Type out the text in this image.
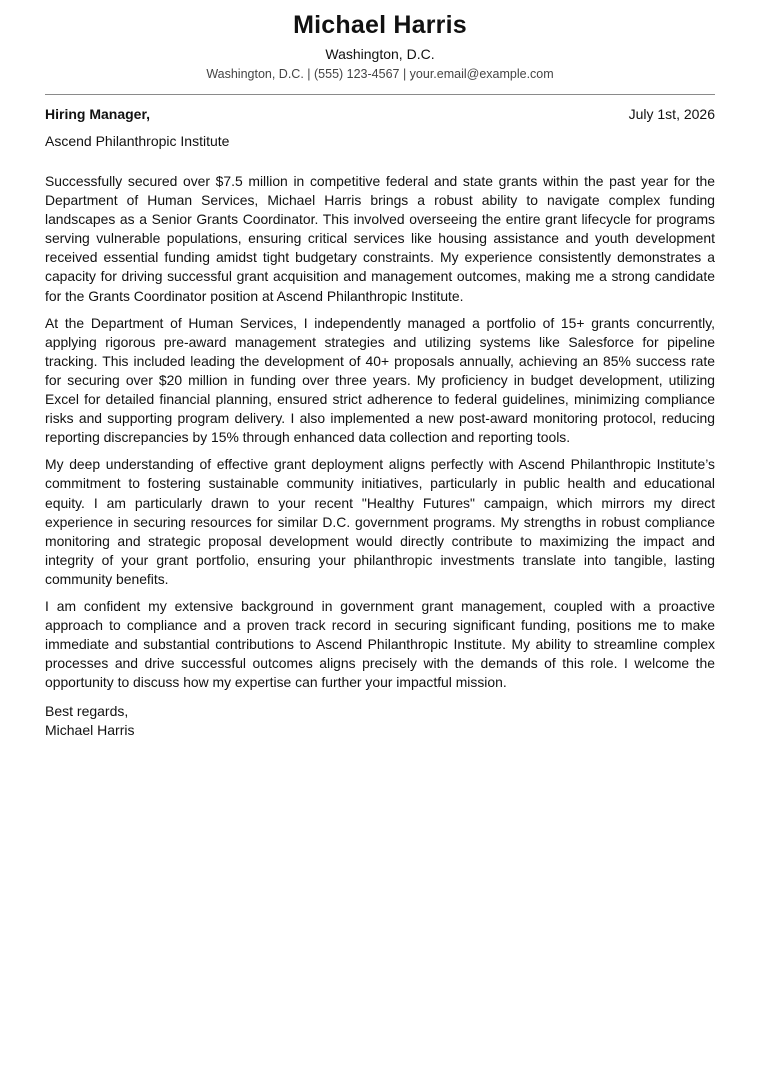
Michael Harris
Washington, D.C.
Washington, D.C. | (555) 123-4567 | your.email@example.com
Hiring Manager,	July 1st, 2026
Ascend Philanthropic Institute

Successfully secured over $7.5 million in competitive federal and state grants within the past year for the Department of Human Services, Michael Harris brings a robust ability to navigate complex funding landscapes as a Senior Grants Coordinator. This involved overseeing the entire grant lifecycle for programs serving vulnerable populations, ensuring critical services like housing assistance and youth development received essential funding amidst tight budgetary constraints. My experience consistently demonstrates a capacity for driving successful grant acquisition and management outcomes, making me a strong candidate for the Grants Coordinator position at Ascend Philanthropic Institute.

At the Department of Human Services, I independently managed a portfolio of 15+ grants concurrently, applying rigorous pre-award management strategies and utilizing systems like Salesforce for pipeline tracking. This included leading the development of 40+ proposals annually, achieving an 85% success rate for securing over $20 million in funding over three years. My proficiency in budget development, utilizing Excel for detailed financial planning, ensured strict adherence to federal guidelines, minimizing compliance risks and supporting program delivery. I also implemented a new post-award monitoring protocol, reducing reporting discrepancies by 15% through enhanced data collection and reporting tools.

My deep understanding of effective grant deployment aligns perfectly with Ascend Philanthropic Institute’s commitment to fostering sustainable community initiatives, particularly in public health and educational equity. I am particularly drawn to your recent "Healthy Futures" campaign, which mirrors my direct experience in securing resources for similar D.C. government programs. My strengths in robust compliance monitoring and strategic proposal development would directly contribute to maximizing the impact and integrity of your grant portfolio, ensuring your philanthropic investments translate into tangible, lasting community benefits.

I am confident my extensive background in government grant management, coupled with a proactive approach to compliance and a proven track record in securing significant funding, positions me to make immediate and substantial contributions to Ascend Philanthropic Institute. My ability to streamline complex processes and drive successful outcomes aligns precisely with the demands of this role. I welcome the opportunity to discuss how my expertise can further your impactful mission.

Best regards,
Michael Harris
